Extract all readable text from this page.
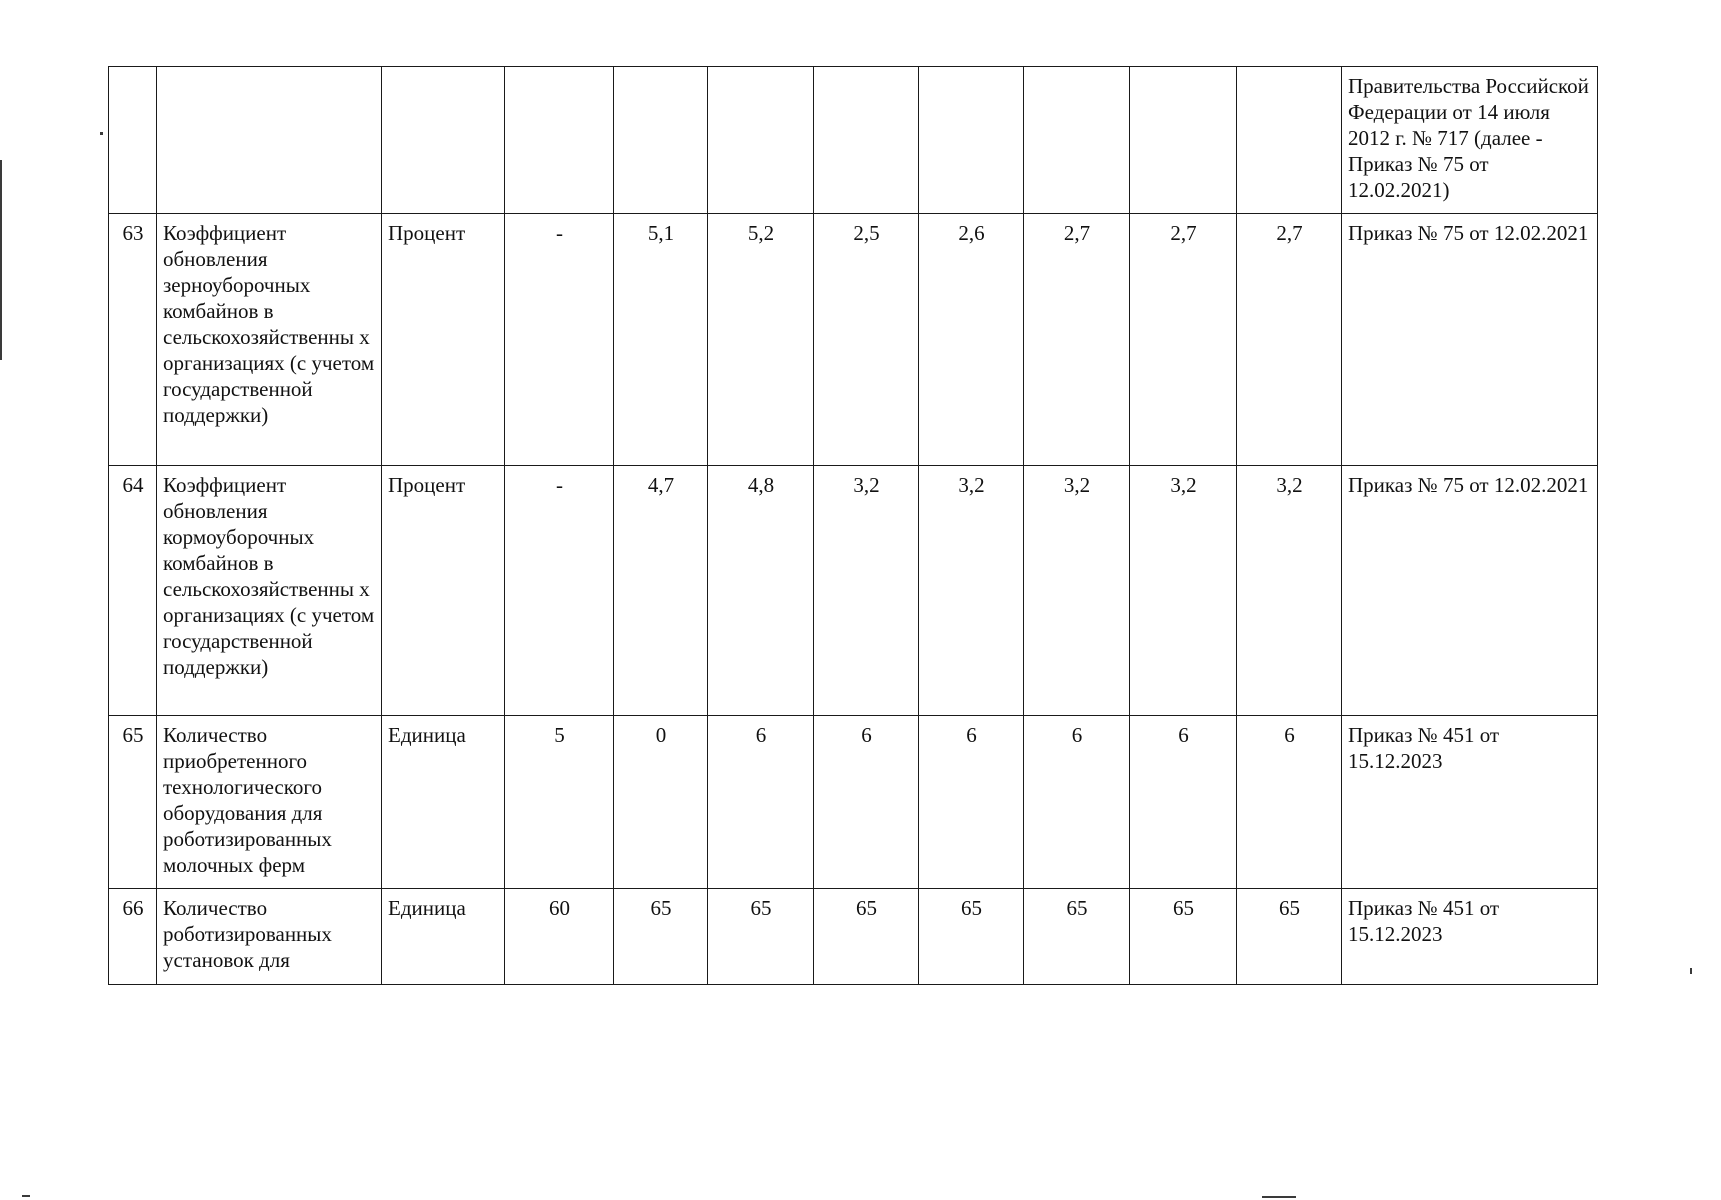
											Правительства Российской Федерации от 14 июля 2012 г. № 717 (далее - Приказ № 75 от 12.02.2021)

63	Коэффициент обновления зерноуборочных комбайнов в сельскохозяйственны х организациях (с учетом государственной поддержки)	Процент	-	5,1	5,2	2,5	2,6	2,7	2,7	2,7	Приказ № 75 от 12.02.2021

64	Коэффициент обновления кормоуборочных комбайнов в сельскохозяйственны х организациях (с учетом государственной поддержки)	Процент	-	4,7	4,8	3,2	3,2	3,2	3,2	3,2	Приказ № 75 от 12.02.2021

65	Количество приобретенного технологического оборудования для роботизированных молочных ферм	Единица	5	0	6	6	6	6	6	6	Приказ № 451 от 15.12.2023

66	Количество роботизированных установок для	Единица	60	65	65	65	65	65	65	65	Приказ № 451 от 15.12.2023
